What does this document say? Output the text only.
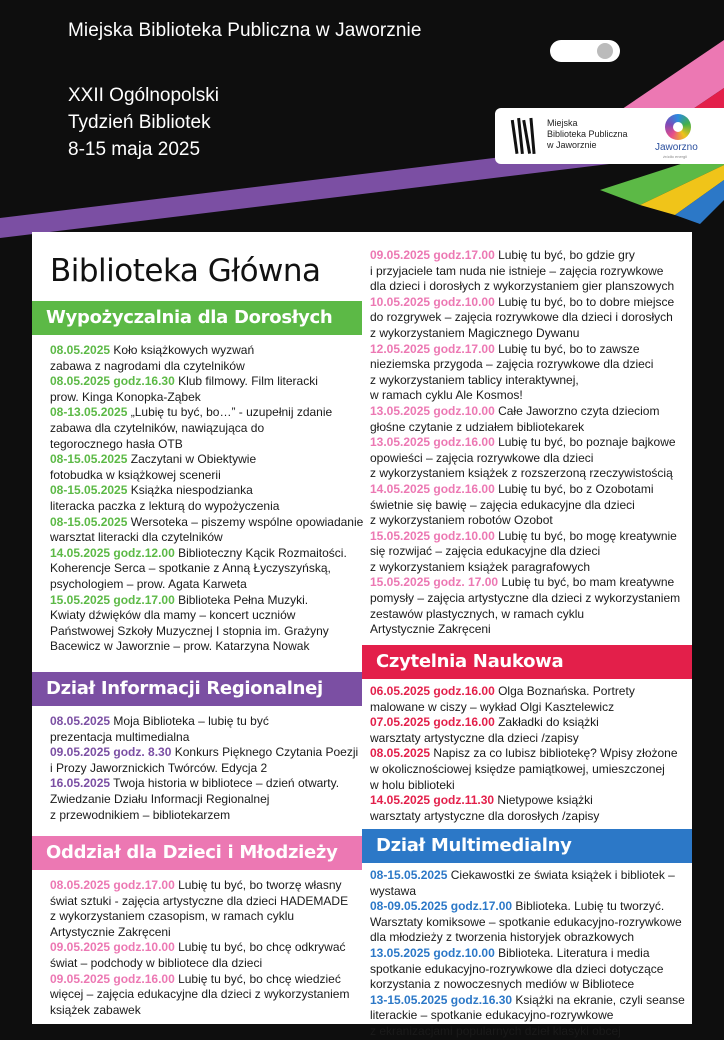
Miejska Biblioteka Publiczna w Jaworznie
XXII Ogólnopolski
Tydzień Bibliotek
8-15 maja 2025
Miejska
Biblioteka Publiczna
w Jaworznie	Jaworzno
źródło energii
Biblioteka Główna
Wypożyczalnia dla Dorosłych
08.05.2025 Koło książkowych wyzwań
zabawa z nagrodami dla czytelników
08.05.2025 godz.16.30 Klub filmowy. Film literacki
prow. Kinga Konopka-Ząbek
08-13.05.2025 „Lubię tu być, bo…” - uzupełnij zdanie
zabawa dla czytelników, nawiązująca do
tegorocznego hasła OTB
08-15.05.2025 Zaczytani w Obiektywie
fotobudka w książkowej scenerii
08-15.05.2025 Książka niespodzianka
literacka paczka z lekturą do wypożyczenia
08-15.05.2025 Wersoteka – piszemy wspólne opowiadanie
warsztat literacki dla czytelników
14.05.2025 godz.12.00 Biblioteczny Kącik Rozmaitości.
Koherencje Serca – spotkanie z Anną Łyczyszyńską,
psychologiem – prow. Agata Karweta
15.05.2025 godz.17.00 Biblioteka Pełna Muzyki.
Kwiaty dźwięków dla mamy – koncert uczniów
Państwowej Szkoły Muzycznej I stopnia im. Grażyny
Bacewicz w Jaworznie – prow. Katarzyna Nowak
Dział Informacji Regionalnej
08.05.2025 Moja Biblioteka – lubię tu być
prezentacja multimedialna
09.05.2025 godz. 8.30 Konkurs Pięknego Czytania Poezji
i Prozy Jaworznickich Twórców. Edycja 2
16.05.2025 Twoja historia w bibliotece – dzień otwarty.
Zwiedzanie Działu Informacji Regionalnej
z przewodnikiem – bibliotekarzem
Oddział dla Dzieci i Młodzieży
08.05.2025 godz.17.00 Lubię tu być, bo tworzę własny
świat sztuki - zajęcia artystyczne dla dzieci HADEMADE
z wykorzystaniem czasopism, w ramach cyklu
Artystycznie Zakręceni
09.05.2025 godz.10.00 Lubię tu być, bo chcę odkrywać
świat – podchody w bibliotece dla dzieci
09.05.2025 godz.16.00 Lubię tu być, bo chcę wiedzieć
więcej – zajęcia edukacyjne dla dzieci z wykorzystaniem
książek zabawek
09.05.2025 godz.17.00 Lubię tu być, bo gdzie gry
i przyjaciele tam nuda nie istnieje – zajęcia rozrywkowe
dla dzieci i dorosłych z wykorzystaniem gier planszowych
10.05.2025 godz.10.00 Lubię tu być, bo to dobre miejsce
do rozgrywek – zajęcia rozrywkowe dla dzieci i dorosłych
z wykorzystaniem Magicznego Dywanu
12.05.2025 godz.17.00 Lubię tu być, bo to zawsze
nieziemska przygoda – zajęcia rozrywkowe dla dzieci
z wykorzystaniem tablicy interaktywnej,
w ramach cyklu Ale Kosmos!
13.05.2025 godz.10.00 Całe Jaworzno czyta dzieciom
głośne czytanie z udziałem bibliotekarek
13.05.2025 godz.16.00 Lubię tu być, bo poznaje bajkowe
opowieści – zajęcia rozrywkowe dla dzieci
z wykorzystaniem książek z rozszerzoną rzeczywistością
14.05.2025 godz.16.00 Lubię tu być, bo z Ozobotami
świetnie się bawię – zajęcia edukacyjne dla dzieci
z wykorzystaniem robotów Ozobot
15.05.2025 godz.10.00 Lubię tu być, bo mogę kreatywnie
się rozwijać – zajęcia edukacyjne dla dzieci
z wykorzystaniem książek paragrafowych
15.05.2025 godz. 17.00 Lubię tu być, bo mam kreatywne
pomysły – zajęcia artystyczne dla dzieci z wykorzystaniem
zestawów plastycznych, w ramach cyklu
Artystycznie Zakręceni
Czytelnia Naukowa
06.05.2025 godz.16.00 Olga Boznańska. Portrety
malowane w ciszy – wykład Olgi Kasztelewicz
07.05.2025 godz.16.00 Zakładki do książki
warsztaty artystyczne dla dzieci /zapisy
08.05.2025 Napisz za co lubisz bibliotekę? Wpisy złożone
w okolicznościowej księdze pamiątkowej, umieszczonej
w holu biblioteki
14.05.2025 godz.11.30 Nietypowe książki
warsztaty artystyczne dla dorosłych /zapisy
Dział Multimedialny
08-15.05.2025 Ciekawostki ze świata książek i bibliotek – wystawa
08-09.05.2025 godz.17.00 Biblioteka. Lubię tu tworzyć.
Warsztaty komiksowe – spotkanie edukacyjno-rozrywkowe
dla młodzieży z tworzenia historyjek obrazkowych
13.05.2025 godz.10.00 Biblioteka. Literatura i media
spotkanie edukacyjno-rozrywkowe dla dzieci dotyczące
korzystania z nowoczesnych mediów w Bibliotece
13-15.05.2025 godz.16.30 Książki na ekranie, czyli seanse
literackie – spotkanie edukacyjno-rozrywkowe
z ekranizacjami popularnych dzieł klasyki obcej
